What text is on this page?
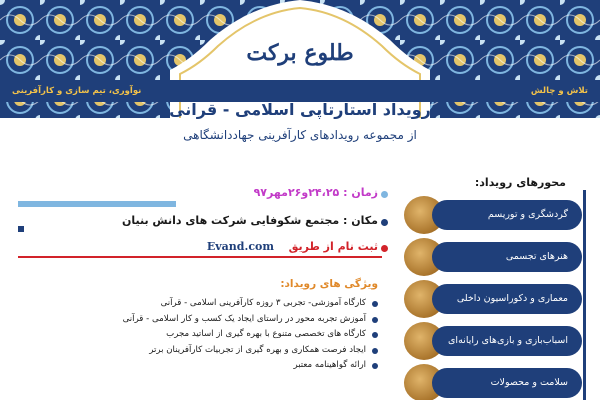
تلاش و چالش
نوآوری، تیم سازی و کارآفرینی
طلوع برکت
رویداد استارتاپی اسلامی - قرآنی
از مجموعه رویدادهای کارآفرینی جهاددانشگاهی
محورهای رویداد:
گردشگری و توریسم
هنرهای تجسمی
معماری و دکوراسیون داخلی
اسباب‌بازی و بازی‌های رایانه‌ای
سلامت و محصولات
زمان : ۲۴،۲۵و۲۶مهر۹۷
مکان : مجتمع شکوفایی شرکت های دانش بنیان
ثبت نام از طریق
Evand.com
ویژگی های رویداد:
کارگاه آموزشی- تجربی ۳ روزه کارآفرینی اسلامی - قرآنی
آموزش تجربه محور در راستای ایجاد یک کسب و کار اسلامی - قرآنی
کارگاه های تخصصی متنوع با بهره گیری از اساتید مجرب
ایجاد فرصت همکاری و بهره گیری از تجربیات کارآفرینان برتر
ارائه گواهینامه معتبر
